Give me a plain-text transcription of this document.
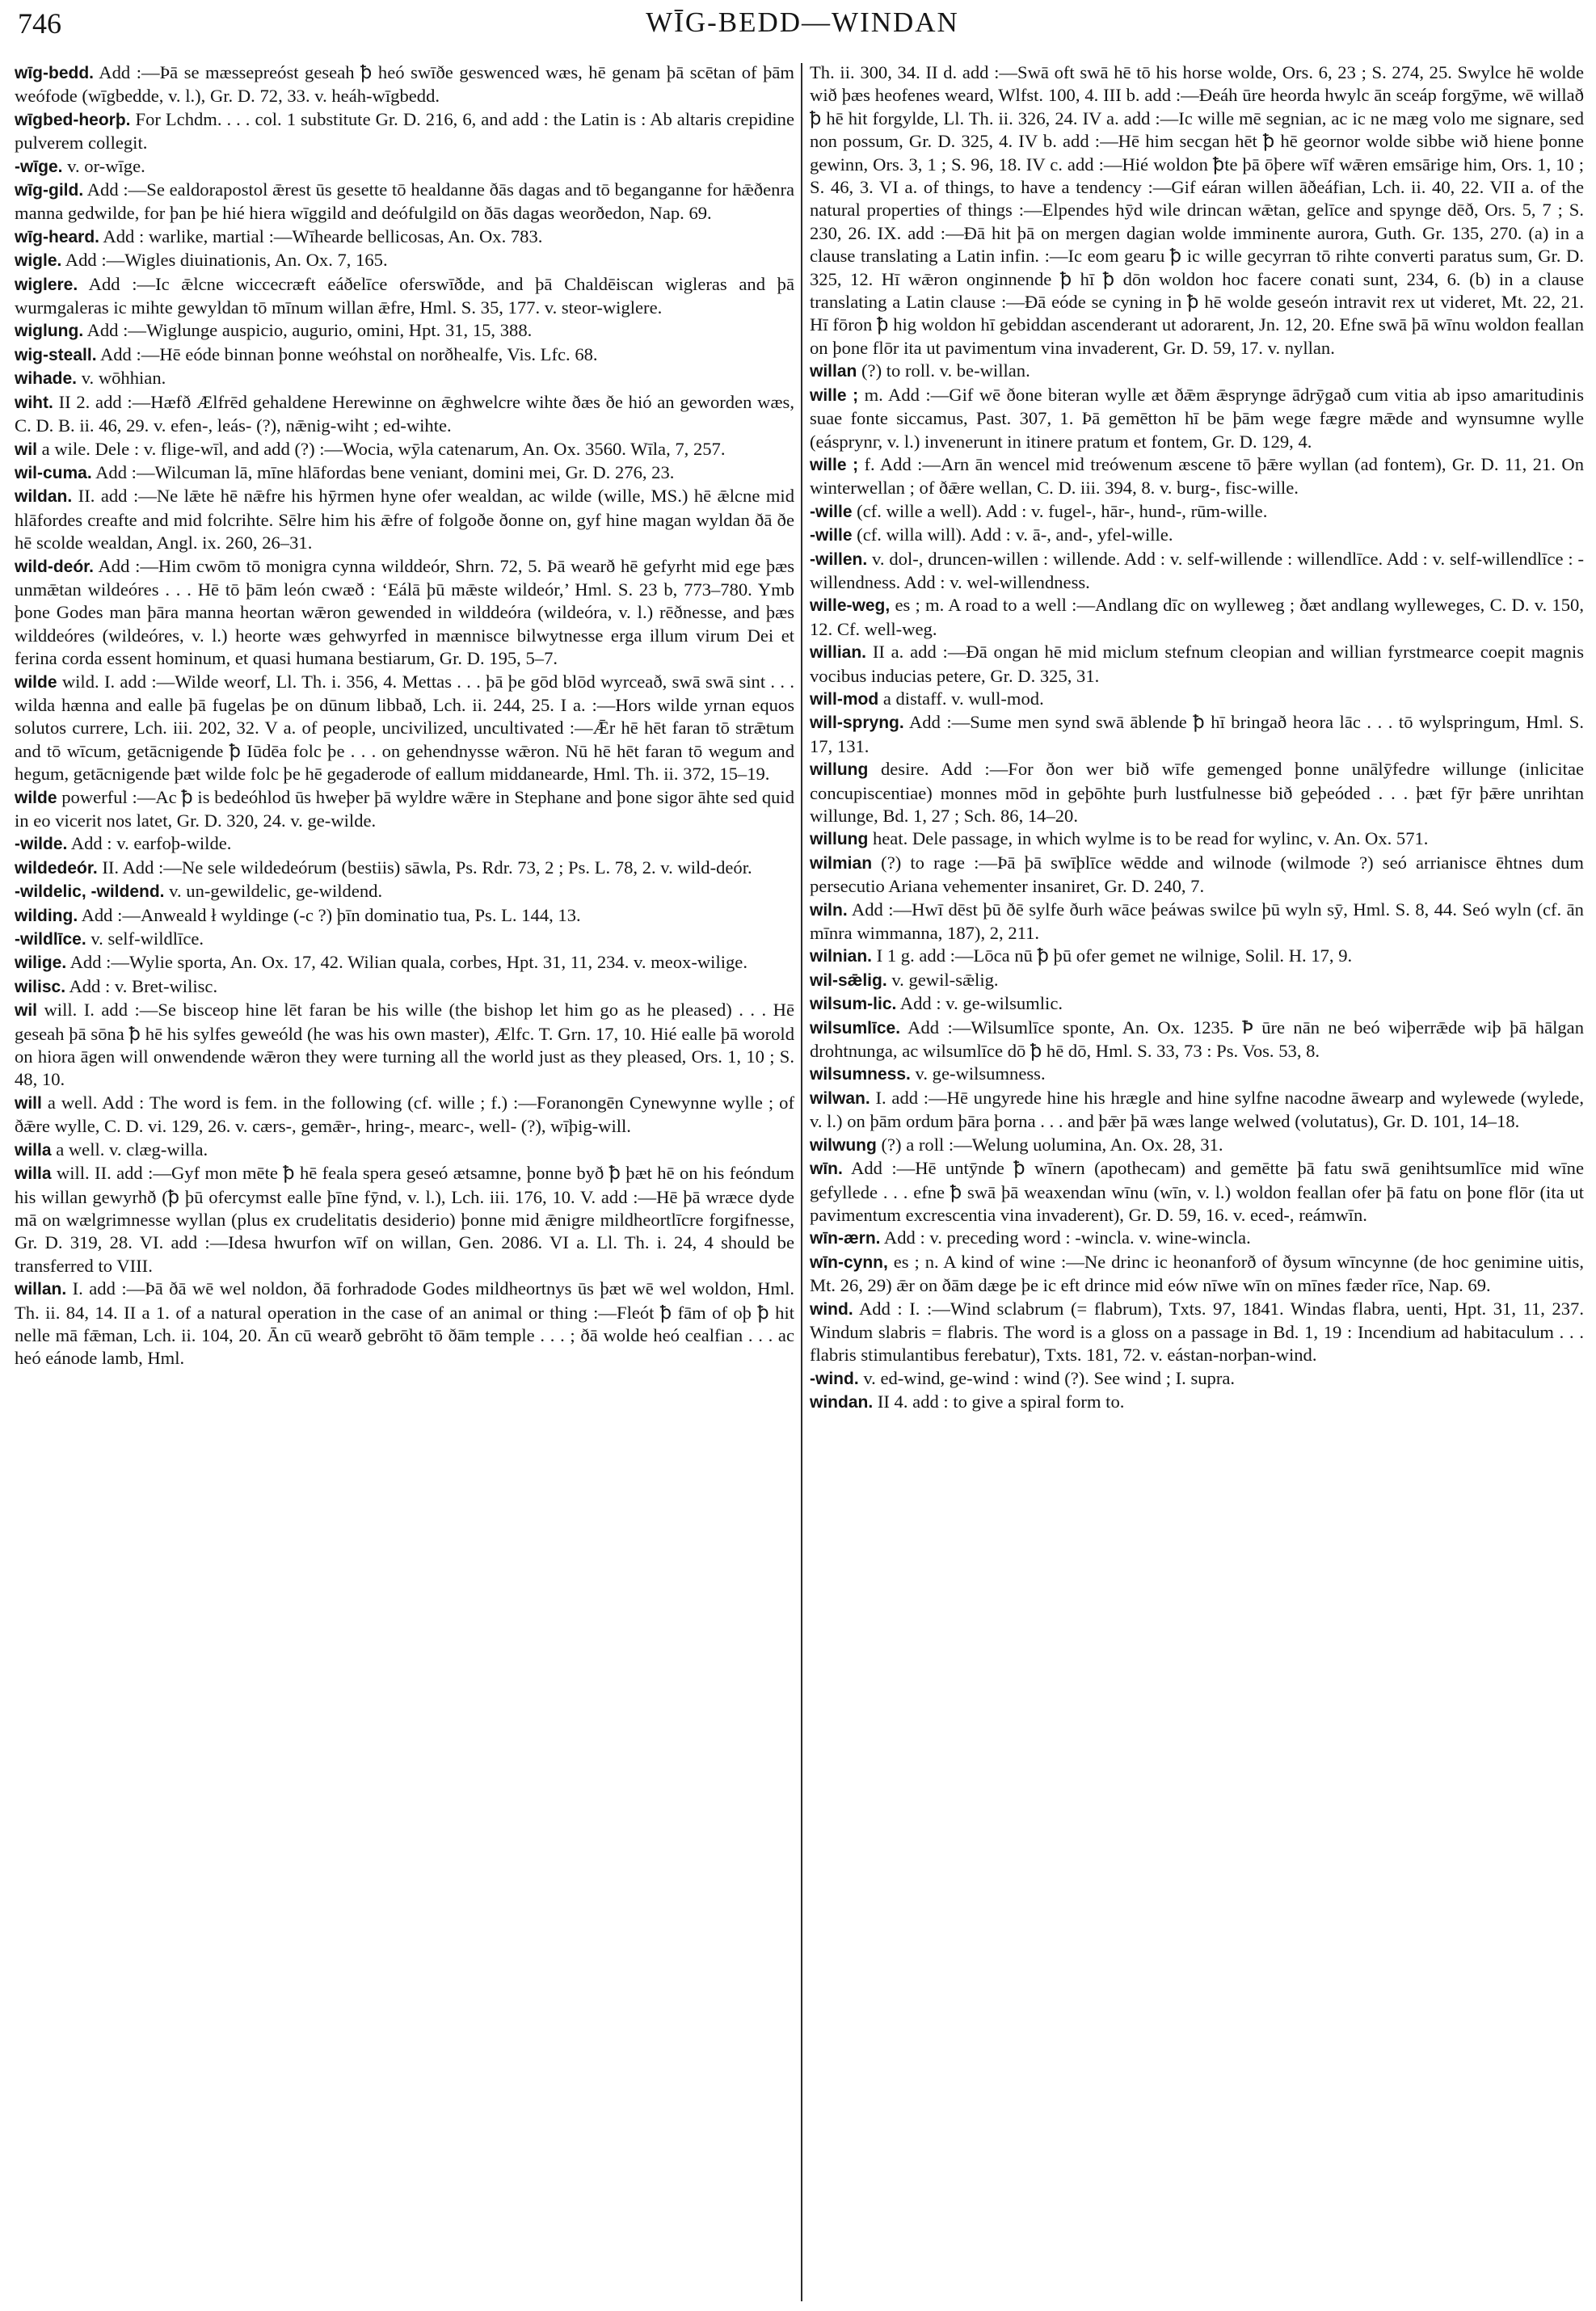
746	WĪG-BEDD—WINDAN

wīg-bedd. Add :—Þā se mæssepreóst geseah ꝥ heó swīðe geswenced wæs, hē genam þā scētan of þām weófode (wīgbedde, v. l.), Gr. D. 72, 33. v. heáh-wīgbedd.

wīgbed-heorþ. For Lchdm. . . . col. 1 substitute Gr. D. 216, 6, and add : the Latin is : Ab altaris crepidine pulverem collegit.

-wīge. v. or-wīge.

wīg-gild. Add :—Se ealdorapostol ǣrest ūs gesette tō healdanne ðās dagas and tō beganganne for hǣðenra manna gedwilde, for þan þe hié hiera wīggild and deófulgild on ðās dagas weorðedon, Nap. 69.

wīg-heard. Add : warlike, martial :—Wīhearde bellicosas, An. Ox. 783.

wigle. Add :—Wigles diuinationis, An. Ox. 7, 165.

wiglere. Add :—Ic ǣlcne wiccecræft eáðelīce oferswīðde, and þā Chaldēiscan wigleras and þā wurmgaleras ic mihte gewyldan tō mīnum willan ǣfre, Hml. S. 35, 177. v. steor-wiglere.

wiglung. Add :—Wiglunge auspicio, augurio, omini, Hpt. 31, 15, 388.

wig-steall. Add :—Hē eóde binnan þonne weóhstal on norðhealfe, Vis. Lfc. 68.

wihade. v. wōhhian.

wiht. II 2. add :—Hæfð Ælfrēd gehaldene Herewinne on ǣghwelcre wihte ðæs ðe hió an geworden wæs, C. D. B. ii. 46, 29. v. efen-, leás- (?), nǣnig-wiht ; ed-wihte.

wil a wile. Dele : v. flige-wīl, and add (?) :—Wocia, wȳla catenarum, An. Ox. 3560. Wīla, 7, 257.

wil-cuma. Add :—Wilcuman lā, mīne hlāfordas bene veniant, domini mei, Gr. D. 276, 23.

wildan. II. add :—Ne lǣte hē nǣfre his hȳrmen hyne ofer wealdan, ac wilde (wille, MS.) hē ǣlcne mid hlāfordes creafte and mid folcrihte. Sēlre him his ǣfre of folgoðe ðonne on, gyf hine magan wyldan ðā ðe hē scolde wealdan, Angl. ix. 260, 26–31.

wild-deór. Add :—Him cwōm tō monigra cynna wilddeór, Shrn. 72, 5. Þā wearð hē gefyrht mid ege þæs unmǣtan wildeóres . . . Hē tō þām león cwæð : ‘Eálā þū mǣste wildeór,’ Hml. S. 23 b, 773–780. Ymb þone Godes man þāra manna heortan wǣron gewended in wilddeóra (wildeóra, v. l.) rēðnesse, and þæs wilddeóres (wildeóres, v. l.) heorte wæs gehwyrfed in mænnisce bilwytnesse erga illum virum Dei et ferina corda essent hominum, et quasi humana bestiarum, Gr. D. 195, 5–7.

wilde wild. I. add :—Wilde weorf, Ll. Th. i. 356, 4. Mettas . . . þā þe gōd blōd wyrceað, swā swā sint . . . wilda hænna and ealle þā fugelas þe on dūnum libbað, Lch. ii. 244, 25. I a. :—Hors wilde yrnan equos solutos currere, Lch. iii. 202, 32. V a. of people, uncivilized, uncultivated :—Ǣr hē hēt faran tō strǣtum and tō wīcum, getācnigende ꝥ Iūdēa folc þe . . . on gehendnysse wǣron. Nū hē hēt faran tō wegum and hegum, getācnigende þæt wilde folc þe hē gegaderode of eallum middaneardе, Hml. Th. ii. 372, 15–19.

wilde powerful :—Ac ꝥ is bedeóhlod ūs hweþer þā wyldre wǣre in Stephane and þone sigor āhte sed quid in eo vicerit nos latet, Gr. D. 320, 24. v. ge-wilde.

-wilde. Add : v. earfoþ-wilde.

wildedeór. II. Add :—Ne sele wildedeórum (bestiis) sāwla, Ps. Rdr. 73, 2 ; Ps. L. 78, 2. v. wild-deór.

-wildelic, -wildend. v. un-gewildelic, ge-wildend.

wilding. Add :—Anweald ł wyldinge (-c ?) þīn dominatio tua, Ps. L. 144, 13.

-wildlīce. v. self-wildlīce.

wilige. Add :—Wylie sporta, An. Ox. 17, 42. Wilian quala, corbes, Hpt. 31, 11, 234. v. meox-wilige.

wilisc. Add : v. Bret-wilisc.

wil will. I. add :—Se bisceop hine lēt faran be his wille (the bishop let him go as he pleased) . . . Hē geseah þā sōna ꝥ hē his sylfes geweóld (he was his own master), Ælfc. T. Grn. 17, 10. Hié ealle þā worold on hiora āgen will onwendende wǣron they were turning all the world just as they pleased, Ors. 1, 10 ; S. 48, 10.

will a well. Add : The word is fem. in the following (cf. wille ; f.) :—Foranongēn Cynewynne wylle ; of ðǣre wylle, C. D. vi. 129, 26. v. cærs-, gemǣr-, hring-, mearc-, well- (?), wīþig-will.

willa a well. v. clæg-willa.

willa will. II. add :—Gyf mon mēte ꝥ hē feala spera geseó ætsamne, þonne byð ꝥ þæt hē on his feóndum his willan gewyrhð (ꝥ þū ofercymst ealle þīne fȳnd, v. l.), Lch. iii. 176, 10. V. add :—Hē þā wræce dyde mā on wælgrimnesse wyllan (plus ex crudelitatis desiderio) þonne mid ǣnigre mildheortlīcre forgifnesse, Gr. D. 319, 28. VI. add :—Idesa hwurfon wīf on willan, Gen. 2086. VI a. Ll. Th. i. 24, 4 should be transferred to VIII.

willan. I. add :—Þā ðā wē wel noldon, ðā forhradode Godes mildheortnys ūs þæt wē wel woldon, Hml. Th. ii. 84, 14. II a 1. of a natural operation in the case of an animal or thing :—Fleót ꝥ fām of oþ ꝥ hit nelle mā fǣman, Lch. ii. 104, 20. Ān cū wearð gebrōht tō ðām temple . . . ; ðā wolde heó cealfian . . . ac heó eánode lamb, Hml.

Th. ii. 300, 34. II d. add :—Swā oft swā hē tō his horse wolde, Ors. 6, 23 ; S. 274, 25. Swylce hē wolde wið þæs heofenes weard, Wlfst. 100, 4. III b. add :—Ðeáh ūre heorda hwylc ān sceáp forgȳme, wē willað ꝥ hē hit forgylde, Ll. Th. ii. 326, 24. IV a. add :—Ic wille mē segnian, ac ic ne mæg volo me signare, sed non possum, Gr. D. 325, 4. IV b. add :—Hē him secgan hēt ꝥ hē geornor wolde sibbe wið hiene þonne gewinn, Ors. 3, 1 ; S. 96, 18. IV c. add :—Hié woldon ꝥte þā ōþere wīf wǣren emsārige him, Ors. 1, 10 ; S. 46, 3. VI a. of things, to have a tendency :—Gif eáran willen āðeáfian, Lch. ii. 40, 22. VII a. of the natural properties of things :—Elpendes hȳd wile drincan wǣtan, gelīce and spynge dēð, Ors. 5, 7 ; S. 230, 26. IX. add :—Ðā hit þā on mergen dagian wolde imminente aurora, Guth. Gr. 135, 270. (a) in a clause translating a Latin infin. :—Ic eom gearu ꝥ ic wille gecyrran tō rihte converti paratus sum, Gr. D. 325, 12. Hī wǣron onginnende ꝥ hī ꝥ dōn woldon hoc facere conati sunt, 234, 6. (b) in a clause translating a Latin clause :—Ðā eóde se cyning in ꝥ hē wolde geseón intravit rex ut videret, Mt. 22, 21. Hī fōron ꝥ hig woldon hī gebiddan ascenderant ut adorarent, Jn. 12, 20. Efne swā þā wīnu woldon feallan on þone flōr ita ut pavimentum vina invaderent, Gr. D. 59, 17. v. nyllan.

willan (?) to roll. v. be-willan.

wille ; m. Add :—Gif wē ðone biteran wylle æt ðǣm ǣsprynge ādrȳgað cum vitia ab ipso amaritudinis suae fonte siccamus, Past. 307, 1. Þā gemētton hī be þām wege fægre mǣde and wynsumne wylle (eásprynг, v. l.) invenerunt in itinere pratum et fontem, Gr. D. 129, 4.

wille ; f. Add :—Arn ān wencel mid treówenum æscene tō þǣre wyllan (ad fontem), Gr. D. 11, 21. On winterwellan ; of ðǣre wellan, C. D. iii. 394, 8. v. burg-, fisc-wille.

-wille (cf. wille a well). Add : v. fugel-, hār-, hund-, rūm-wille.

-wille (cf. willa will). Add : v. ā-, and-, yfel-wille.

-willen. v. dol-, druncen-willen : willende. Add : v. self-willende : willendlīce. Add : v. self-willendlīce : -willendness. Add : v. wel-willendness.

wille-weg, es ; m. A road to a well :—Andlang dīc on wylleweg ; ðæt andlang wylleweges, C. D. v. 150, 12. Cf. well-weg.

willian. II a. add :—Ðā ongan hē mid miclum stefnum cleopian and willian fyrstmearce coepit magnis vocibus inducias petere, Gr. D. 325, 31.

will-mod a distaff. v. wull-mod.

will-spryng. Add :—Sume men synd swā āblende ꝥ hī bringað heora lāc . . . tō wylspringum, Hml. S. 17, 131.

willung desire. Add :—For ðon wer bið wīfe gemenged þonne unālȳfedre willunge (inlicitae concupiscentiae) monnes mōd in geþōhte þurh lustfulnesse bið geþeóded . . . þæt fȳr þǣre unrihtan willunge, Bd. 1, 27 ; Sch. 86, 14–20.

willung heat. Dele passage, in which wylme is to be read for wylinc, v. An. Ox. 571.

wilmian (?) to rage :—Þā þā swīþlīce wēdde and wilnode (wilmode ?) seó arrianisce ēhtnes dum persecutio Ariana vehementer insaniret, Gr. D. 240, 7.

wiln. Add :—Hwī dēst þū ðē sylfe ðurh wāce þeáwas swilce þū wyln sȳ, Hml. S. 8, 44. Seó wyln (cf. ān mīnra wimmanna, 187), 2, 211.

wilnian. I 1 g. add :—Lōca nū ꝥ þū ofer gemet ne wilnige, Solil. H. 17, 9.

wil-sǣlig. v. gewil-sǣlig.

wilsum-lic. Add : v. ge-wilsumlic.

wilsumlīce. Add :—Wilsumlīce sponte, An. Ox. 1235. Ꝥ ūre nān ne beó wiþerrǣde wiþ þā hālgan drohtnunga, ac wilsumlīce dō ꝥ hē dō, Hml. S. 33, 73 : Ps. Vos. 53, 8.

wilsumness. v. ge-wilsumness.

wilwan. I. add :—Hē ungyrede hine his hrægle and hine sylfne nacodne āwearp and wylewede (wylede, v. l.) on þām ordum þāra þorna . . . and þǣr þā wæs lange welwed (volutatus), Gr. D. 101, 14–18.

wilwung (?) a roll :—Welung uolumina, An. Ox. 28, 31.

wīn. Add :—Hē untȳnde ꝥ wīnern (apothecam) and gemētte þā fatu swā genihtsumlīce mid wīne gefyllede . . . efne ꝥ swā þā weaxendan wīnu (wīn, v. l.) woldon feallan ofer þā fatu on þone flōr (ita ut pavimentum excrescentia vina invaderent), Gr. D. 59, 16. v. eced-, reámwīn.

wīn-ærn. Add : v. preceding word : -wincla. v. wine-wincla.

wīn-cynn, es ; n. A kind of wine :—Ne drinc ic heonanforð of ðysum wīncynne (de hoc genimine uitis, Mt. 26, 29) ǣr on ðām dæge þe ic eft drince mid eów nīwe wīn on mīnes fæder rīce, Nap. 69.

wind. Add : I. :—Wind sclabrum (= flabrum), Txts. 97, 1841. Windas flabra, uenti, Hpt. 31, 11, 237. Windum slabris = flabris. The word is a gloss on a passage in Bd. 1, 19 : Incendium ad habitaculum . . . flabris stimulantibus ferebatur), Txts. 181, 72. v. eástan-norþan-wind.

-wind. v. ed-wind, ge-wind : wind (?). See wind ; I. supra.

windan. II 4. add : to give a spiral form to.
